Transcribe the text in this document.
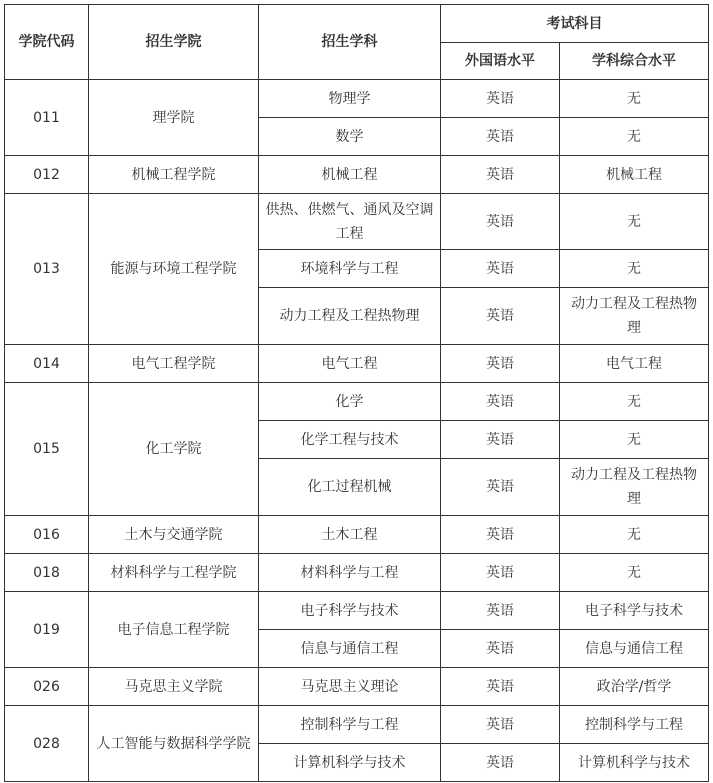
学院代码	招生学院	招生学科	考试科目	
			外国语水平	学科综合水平
011	理学院	物理学	英语	无
		数学	英语	无
012	机械工程学院	机械工程	英语	机械工程
013	能源与环境工程学院	供热、供燃气、通风及空调工程	英语	无
		环境科学与工程	英语	无
		动力工程及工程热物理	英语	动力工程及工程热物理
014	电气工程学院	电气工程	英语	电气工程
015	化工学院	化学	英语	无
		化学工程与技术	英语	无
		化工过程机械	英语	动力工程及工程热物理
016	土木与交通学院	土木工程	英语	无
018	材料科学与工程学院	材料科学与工程	英语	无
019	电子信息工程学院	电子科学与技术	英语	电子科学与技术
		信息与通信工程	英语	信息与通信工程
026	马克思主义学院	马克思主义理论	英语	政治学/哲学
028	人工智能与数据科学学院	控制科学与工程	英语	控制科学与工程
		计算机科学与技术	英语	计算机科学与技术
